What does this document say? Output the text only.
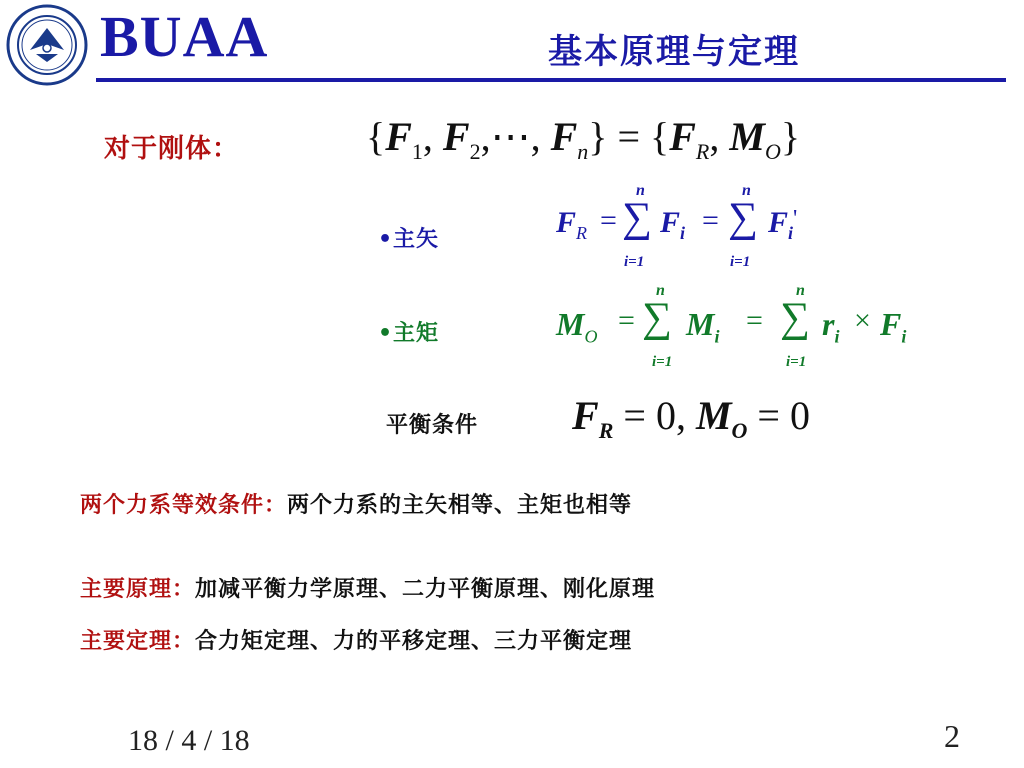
BUAA	基本原理与定理
对于刚体：	{$F_1$, $F_2,\cdots$, $F_n\} = \{F_R$, $M_O$}
•主矢
$F_R$ =
n
∑
i=1
$F_i$ =
n
∑
i=1
$F_i'$
•主矩	$M_O$ =
n
∑
i=1
$M_i$ =
n
∑
i=1
$r_i \times F_i$
平衡条件 $F_R = 0$, $M_O = 0$
两个力系等效条件：两个力系的主矢相等、主矩也相等
主要原理：加减平衡力学原理、二力平衡原理、刚化原理
主要定理：合力矩定理、力的平移定理、三力平衡定理
18 / 4 / 18	2
